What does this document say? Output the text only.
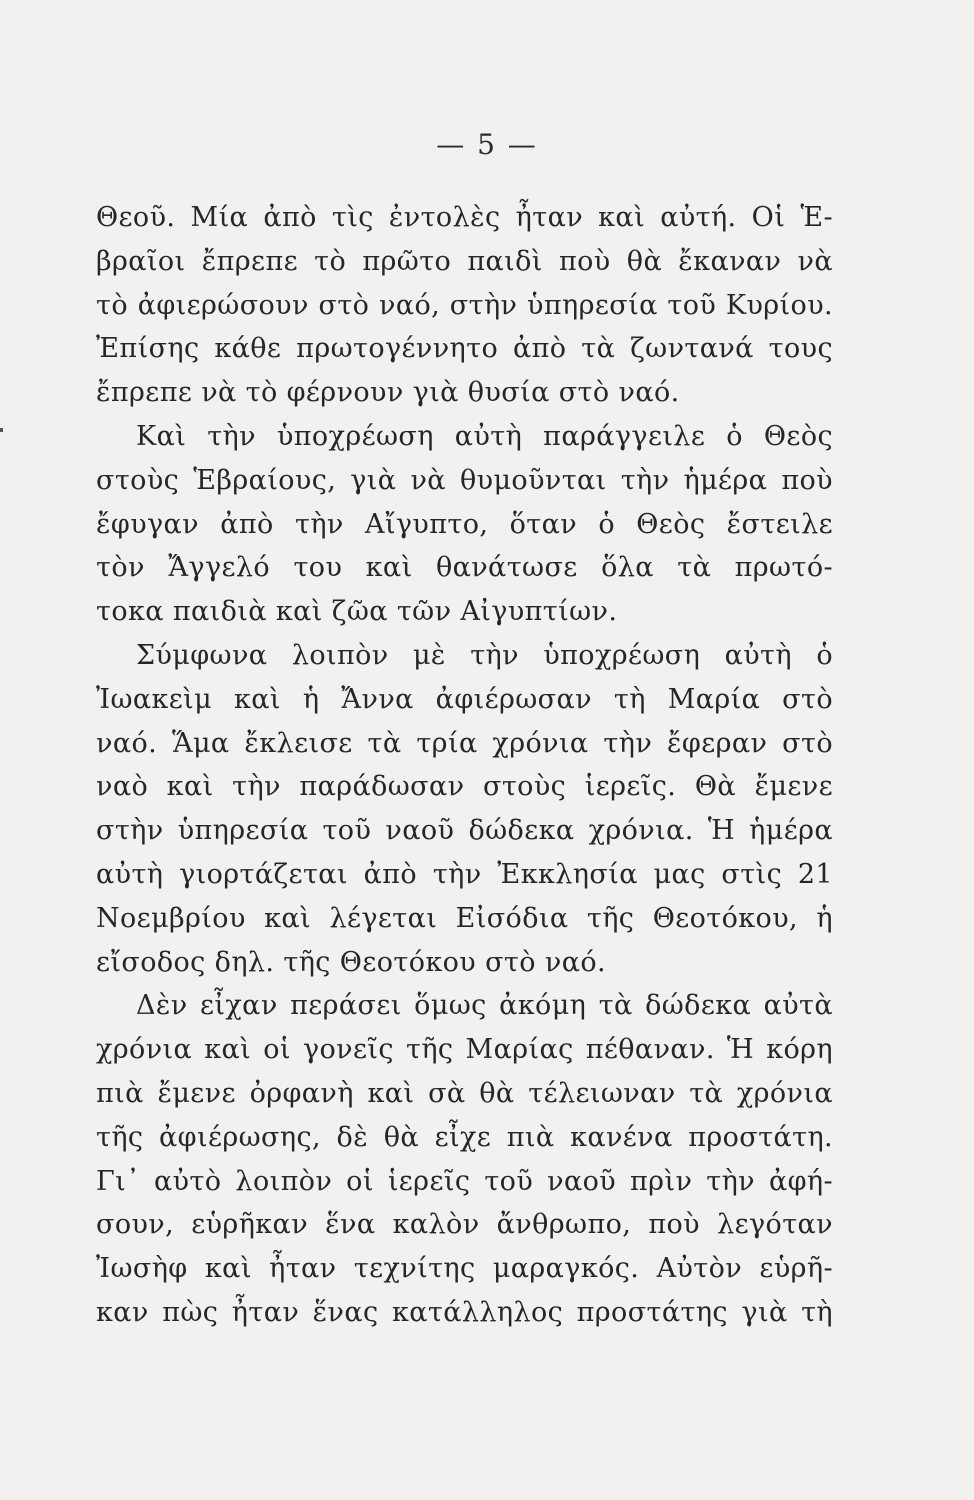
— 5 —
Θεοῦ. Μία ἀπὸ τὶς ἐντολὲς ἦταν καὶ αὐτή. Οἱ Ἑ-
βραῖοι ἔπρεπε τὸ πρῶτο παιδὶ ποὺ θὰ ἔκαναν νὰ
τὸ ἀφιερώσουν στὸ ναό, στὴν ὑπηρεσία τοῦ Κυρίου.
Ἐπίσης κάθε πρωτογέννητο ἀπὸ τὰ ζωντανά τους
ἔπρεπε νὰ τὸ φέρνουν γιὰ θυσία στὸ ναό.
Καὶ τὴν ὑποχρέωση αὐτὴ παράγγειλε ὁ Θεὸς
στοὺς Ἑβραίους, γιὰ νὰ θυμοῦνται τὴν ἡμέρα ποὺ
ἔφυγαν ἀπὸ τὴν Αἴγυπτο, ὅταν ὁ Θεὸς ἔστειλε
τὸν Ἄγγελό του καὶ θανάτωσε ὅλα τὰ πρωτό-
τοκα παιδιὰ καὶ ζῶα τῶν Αἰγυπτίων.
Σύμφωνα λοιπὸν μὲ τὴν ὑποχρέωση αὐτὴ ὁ
Ἰωακεὶμ καὶ ἡ Ἄννα ἀφιέρωσαν τὴ Μαρία στὸ
ναό. Ἅμα ἔκλεισε τὰ τρία χρόνια τὴν ἔφεραν στὸ
ναὸ καὶ τὴν παράδωσαν στοὺς ἱερεῖς. Θὰ ἔμενε
στὴν ὑπηρεσία τοῦ ναοῦ δώδεκα χρόνια. Ἡ ἡμέρα
αὐτὴ γιορτάζεται ἀπὸ τὴν Ἐκκλησία μας στὶς 21
Νοεμβρίου καὶ λέγεται Εἰσόδια τῆς Θεοτόκου, ἡ
εἴσοδος δηλ. τῆς Θεοτόκου στὸ ναό.
Δὲν εἶχαν περάσει ὅμως ἀκόμη τὰ δώδεκα αὐτὰ
χρόνια καὶ οἱ γονεῖς τῆς Μαρίας πέθαναν. Ἡ κόρη
πιὰ ἔμενε ὀρφανὴ καὶ σὰ θὰ τέλειωναν τὰ χρόνια
τῆς ἀφιέρωσης, δὲ θὰ εἶχε πιὰ κανένα προστάτη.
Γι᾽ αὐτὸ λοιπὸν οἱ ἱερεῖς τοῦ ναοῦ πρὶν τὴν ἀφή-
σουν, εὑρῆκαν ἕνα καλὸν ἄνθρωπο, ποὺ λεγόταν
Ἰωσὴφ καὶ ἦταν τεχνίτης μαραγκός. Αὐτὸν εὑρῆ-
καν πὼς ἦταν ἕνας κατάλληλος προστάτης γιὰ τὴ
